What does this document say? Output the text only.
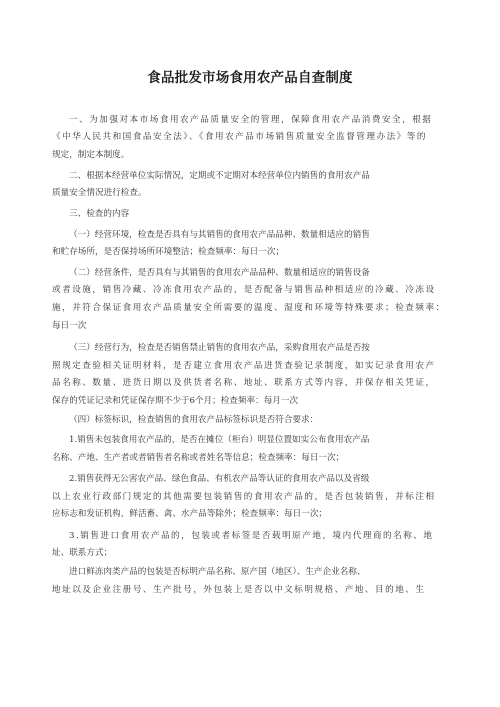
食品批发市场食用农产品自查制度
一、为加强对本市场食用农产品质量安全的管理，保障食用农产品消费安全，根据
《中华人民共和国食品安全法》、《食用农产品市场销售质量安全监督管理办法》等的
规定，制定本制度。
二、根据本经营单位实际情况，定期或不定期对本经营单位内销售的食用农产品
质量安全情况进行检查。
三、检查的内容
（一）经营环境，检查是否具有与其销售的食用农产品品种、数量相适应的销售
和贮存场所，是否保持场所环境整洁；检查频率：每日一次；
（二）经营条件，是否具有与其销售的食用农产品品种、数量相适应的销售设备
或者设施，销售冷藏、冷冻食用农产品的，是否配备与销售品种相适应的冷藏、冷冻设
施，并符合保证食用农产品质量安全所需要的温度、湿度和环境等特殊要求；检查频率：
每日一次
（三）经营行为，检查是否销售禁止销售的食用农产品，采购食用农产品是否按
照规定查验相关证明材料，是否建立食用农产品进货查验记录制度，如实记录食用农产
品名称、数量、进货日期以及供货者名称、地址、联系方式等内容，并保存相关凭证，
保存的凭证记录和凭证保存期不少于6个月；检查频率：每月一次
（四）标签标识，检查销售的食用农产品标签标识是否符合要求：
1.销售未包装食用农产品的，是否在摊位（柜台）明显位置如实公布食用农产品
名称、产地、生产者或者销售者名称或者姓名等信息；检查频率：每日一次；
2.销售获得无公害农产品、绿色食品、有机农产品等认证的食用农产品以及省级
以上农业行政部门规定的其他需要包装销售的食用农产品的，是否包装销售，并标注相
应标志和发证机构，鲜活畜、禽、水产品等除外；检查频率：每日一次；
3.销售进口食用农产品的，包装或者标签是否载明原产地，境内代理商的名称、地
址、联系方式；
进口鲜冻肉类产品的包装是否标明产品名称、原产国（地区）、生产企业名称、
地址以及企业注册号、生产批号，外包装上是否以中文标明规格、产地、目的地、生
